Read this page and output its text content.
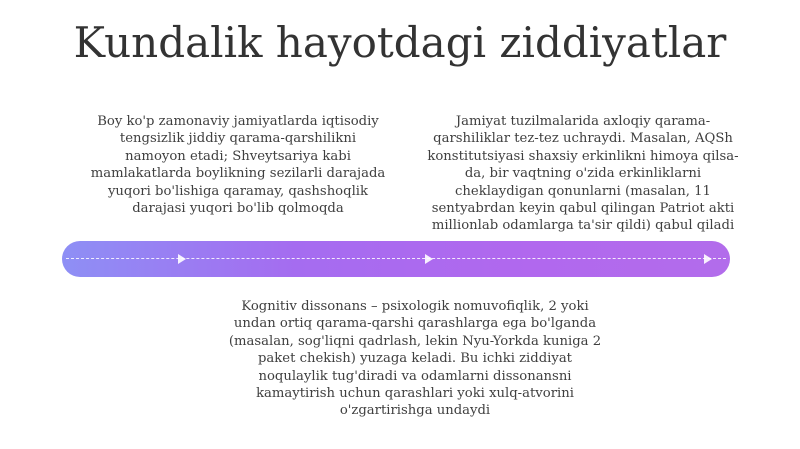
Kundalik hayotdagi ziddiyatlar

Boy ko'p zamonaviy jamiyatlarda iqtisodiy tengsizlik jiddiy qarama-qarshilikni namoyon etadi; Shveytsariya kabi mamlakatlarda boylikning sezilarli darajada yuqori bo'lishiga qaramay, qashshoqlik darajasi yuqori bo'lib qolmoqda

Jamiyat tuzilmalarida axloqiy qarama-qarshiliklar tez-tez uchraydi. Masalan, AQSh konstitutsiyasi shaxsiy erkinlikni himoya qilsa-da, bir vaqtning o'zida erkinliklarni cheklaydigan qonunlarni (masalan, 11 sentyabrdan keyin qabul qilingan Patriot akti millionlab odamlarga ta'sir qildi) qabul qiladi

Kognitiv dissonans – psixologik nomuvofiqlik, 2 yoki undan ortiq qarama-qarshi qarashlarga ega bo'lganda (masalan, sog'liqni qadrlash, lekin Nyu-Yorkda kuniga 2 paket chekish) yuzaga keladi. Bu ichki ziddiyat noqulaylik tug'diradi va odamlarni dissonansni kamaytirish uchun qarashlari yoki xulq-atvorini o'zgartirishga undaydi
